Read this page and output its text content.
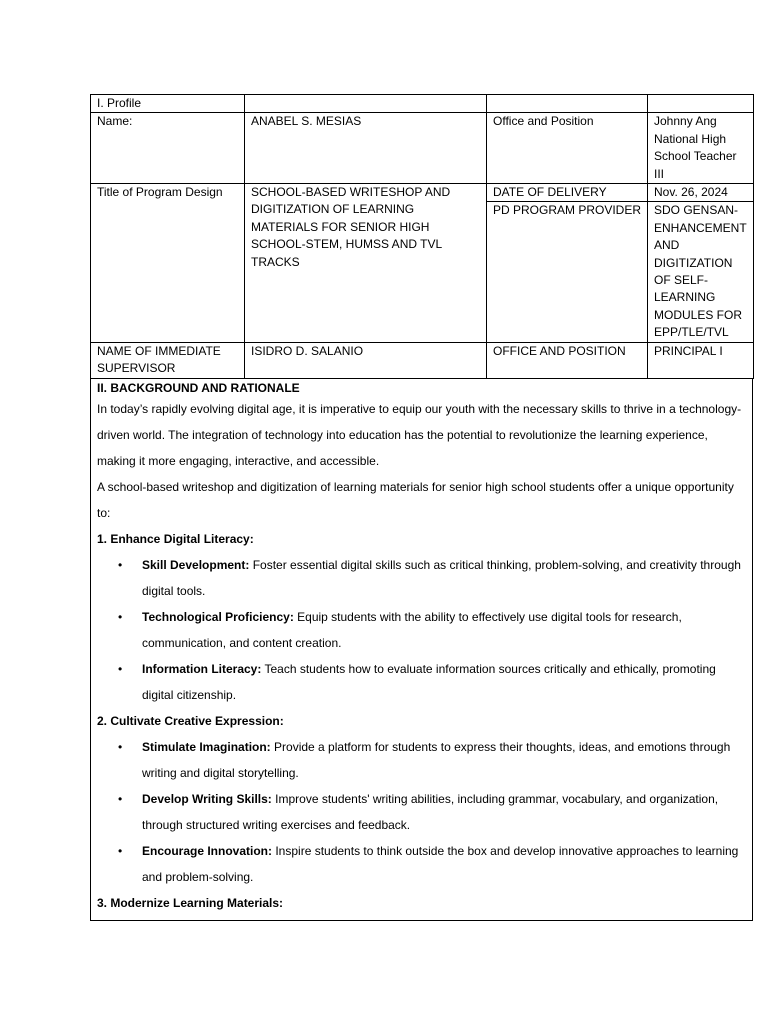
I. Profile			
Name:	ANABEL S. MESIAS	Office and Position	Johnny Ang National High School Teacher III
Title of Program Design	SCHOOL-BASED WRITESHOP AND DIGITIZATION OF LEARNING MATERIALS FOR SENIOR HIGH SCHOOL-STEM, HUMSS AND TVL TRACKS	DATE OF DELIVERY	Nov. 26, 2024
		PD PROGRAM PROVIDER	SDO GENSAN-ENHANCEMENT AND DIGITIZATION OF SELF-LEARNING MODULES FOR EPP/TLE/TVL
NAME OF IMMEDIATE SUPERVISOR	ISIDRO D. SALANIO	OFFICE AND POSITION	PRINCIPAL I
II. BACKGROUND AND RATIONALE

In today’s rapidly evolving digital age, it is imperative to equip our youth with the necessary skills to thrive in a technology-driven world. The integration of technology into education has the potential to revolutionize the learning experience, making it more engaging, interactive, and accessible.

A school-based writeshop and digitization of learning materials for senior high school students offer a unique opportunity to:

1. Enhance Digital Literacy:

• Skill Development: Foster essential digital skills such as critical thinking, problem-solving, and creativity through digital tools.
• Technological Proficiency: Equip students with the ability to effectively use digital tools for research, communication, and content creation.
• Information Literacy: Teach students how to evaluate information sources critically and ethically, promoting digital citizenship.

2. Cultivate Creative Expression:

• Stimulate Imagination: Provide a platform for students to express their thoughts, ideas, and emotions through writing and digital storytelling.
• Develop Writing Skills: Improve students' writing abilities, including grammar, vocabulary, and organization, through structured writing exercises and feedback.
• Encourage Innovation: Inspire students to think outside the box and develop innovative approaches to learning and problem-solving.

3. Modernize Learning Materials:
